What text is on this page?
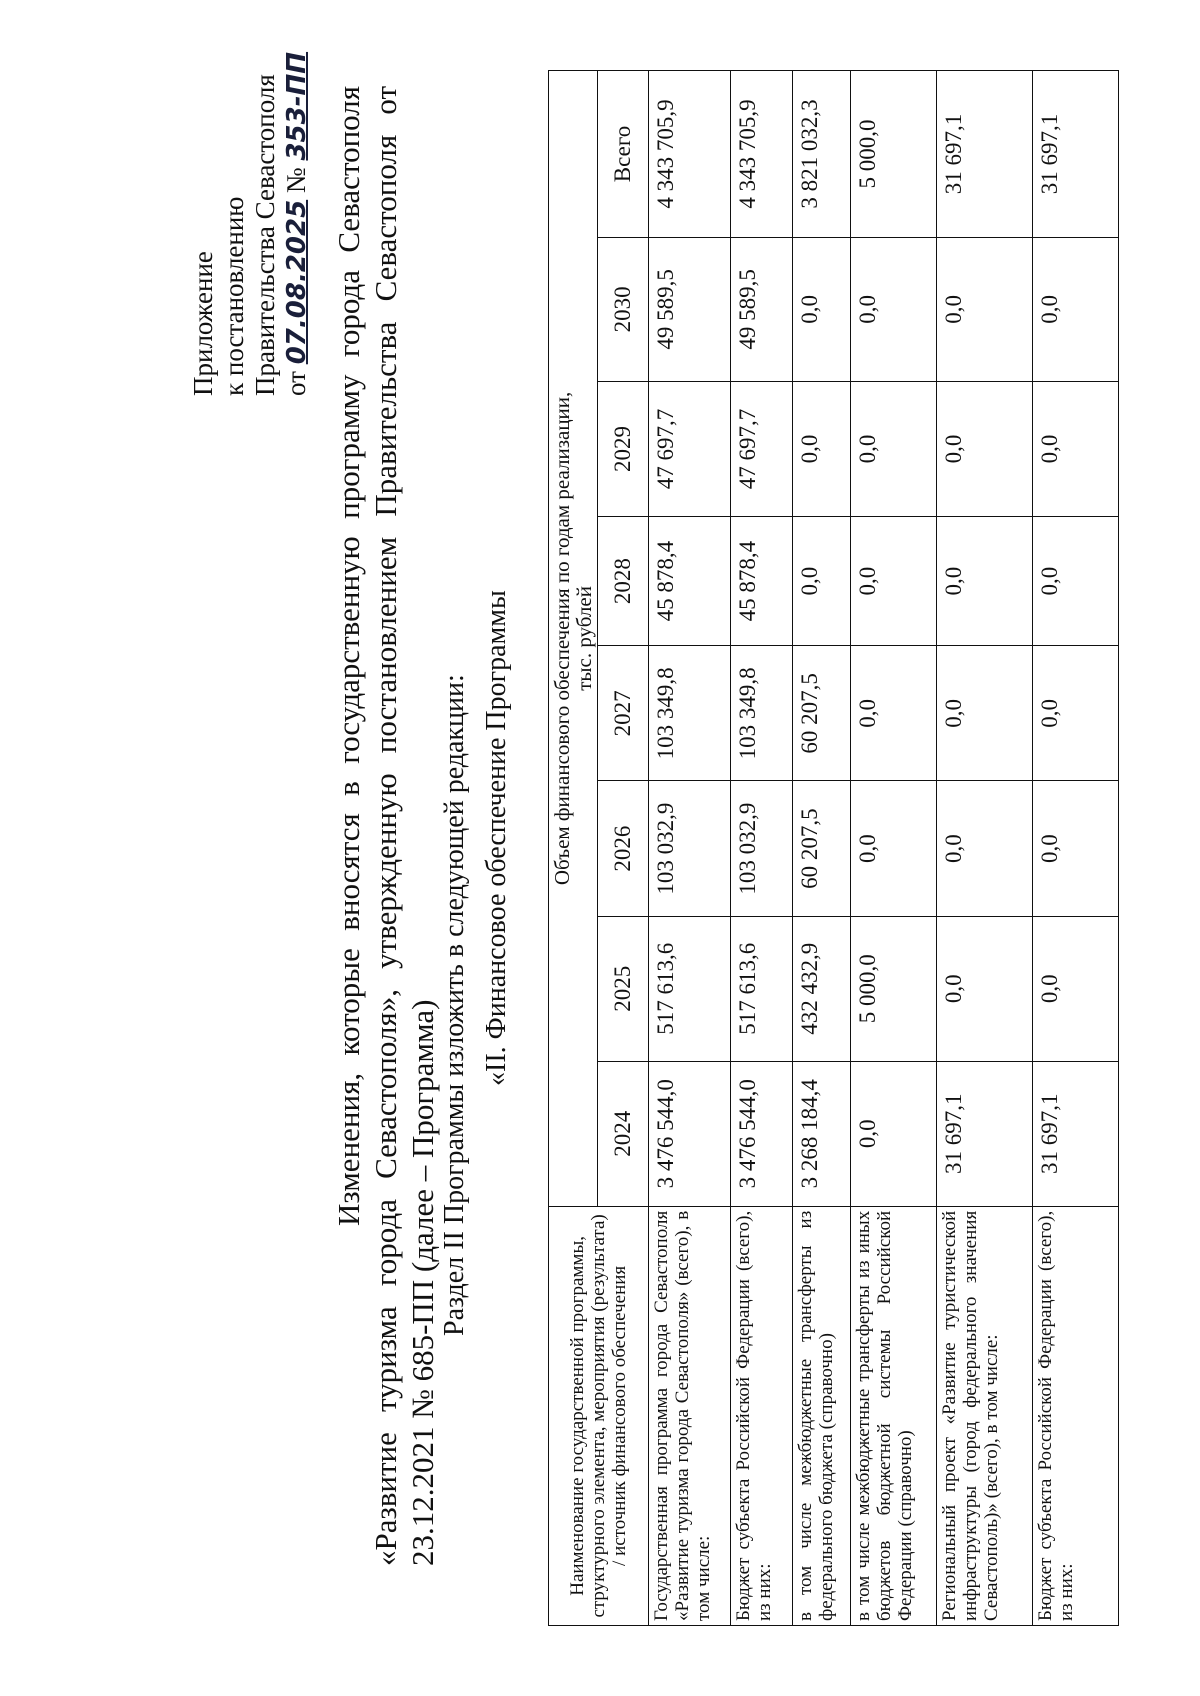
Приложение к постановлению Правительства Севастополя от 07.08.2025 № 353-ПП Изменения, которые вносятся в государственную программу города Севастополя «Развитие туризма города Севастополя», утвержденную постановлением Правительства Севастополя от 23.12.2021 № 685-ПП (далее – Программа) Раздел II Программы изложить в следующей редакции: «II. Финансовое обеспечение Программы
Наименование государственной программы, структурного элемента, мероприятия (результата) / источник финансового обеспечения	Объем финансового обеспечения по годам реализации,
тыс. рублей							

	2024	2025	2026	2027	2028	2029	2030	Всего
Государственная программа города Севастополя «Развитие туризма города Севастополя» (всего), в том числе:	3 476 544,0	517 613,6	103 032,9	103 349,8	45 878,4	47 697,7	49 589,5	4 343 705,9
Бюджет субъекта Российской Федерации (всего), из них:	3 476 544,0	517 613,6	103 032,9	103 349,8	45 878,4	47 697,7	49 589,5	4 343 705,9
в том числе межбюджетные трансферты из федерального бюджета (справочно)	3 268 184,4	432 432,9	60 207,5	60 207,5	0,0	0,0	0,0	3 821 032,3
в том числе межбюджетные трансферты из иных бюджетов бюджетной системы Российской Федерации (справочно)	0,0	5 000,0	0,0	0,0	0,0	0,0	0,0	5 000,0
Региональный проект «Развитие туристической инфраструктуры (город федерального значения Севастополь)» (всего), в том числе:	31 697,1	0,0	0,0	0,0	0,0	0,0	0,0	31 697,1
Бюджет субъекта Российской Федерации (всего), из них:	31 697,1	0,0	0,0	0,0	0,0	0,0	0,0	31 697,1
